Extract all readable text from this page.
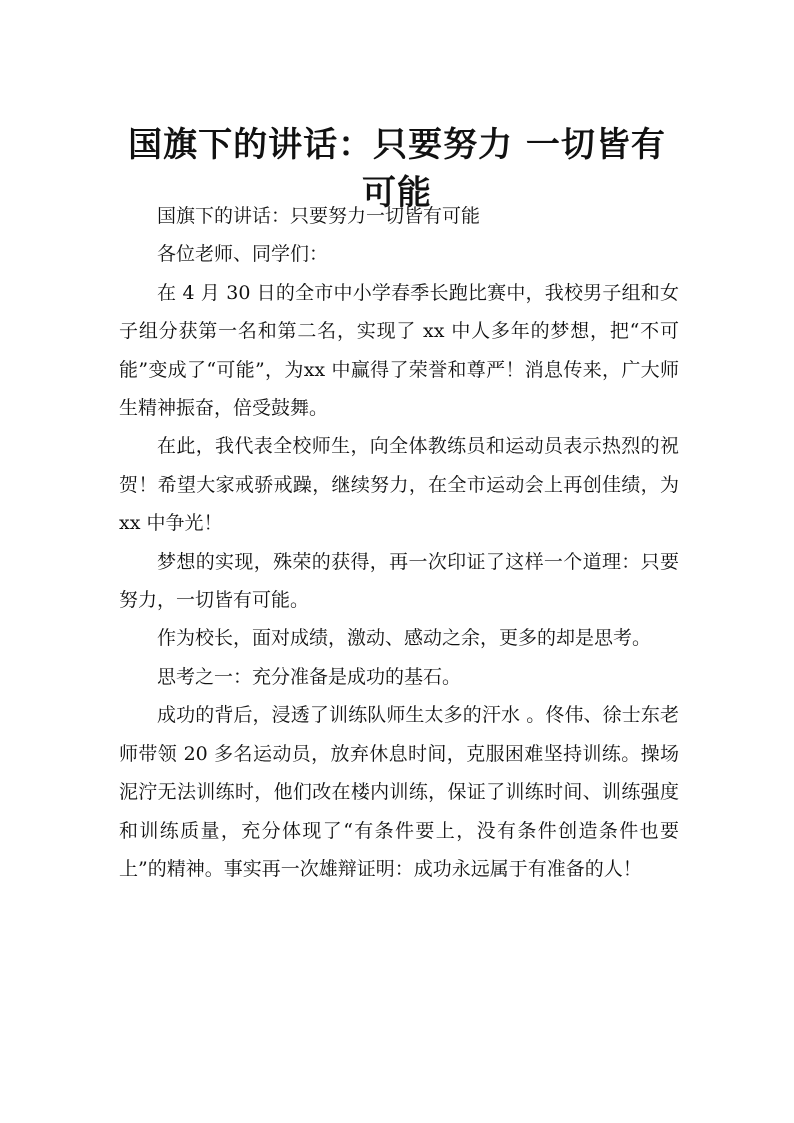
国旗下的讲话：只要努力 一切皆有可能

国旗下的讲话：只要努力一切皆有可能

各位老师、同学们：

在 4 月 30 日的全市中小学春季长跑比赛中，我校男子组和女子组分获第一名和第二名，实现了 xx 中人多年的梦想，把“不可能”变成了“可能”，为xx 中赢得了荣誉和尊严！消息传来，广大师生精神振奋，倍受鼓舞。

在此，我代表全校师生，向全体教练员和运动员表示热烈的祝贺！希望大家戒骄戒躁，继续努力，在全市运动会上再创佳绩，为xx 中争光！

梦想的实现，殊荣的获得，再一次印证了这样一个道理：只要努力，一切皆有可能。

作为校长，面对成绩，激动、感动之余，更多的却是思考。

思考之一：充分准备是成功的基石。

成功的背后，浸透了训练队师生太多的汗水 。佟伟、徐士东老师带领 20 多名运动员，放弃休息时间，克服困难坚持训练。操场泥泞无法训练时，他们改在楼内训练，保证了训练时间、训练强度和训练质量，充分体现了“有条件要上，没有条件创造条件也要上”的精神。事实再一次雄辩证明：成功永远属于有准备的人！
